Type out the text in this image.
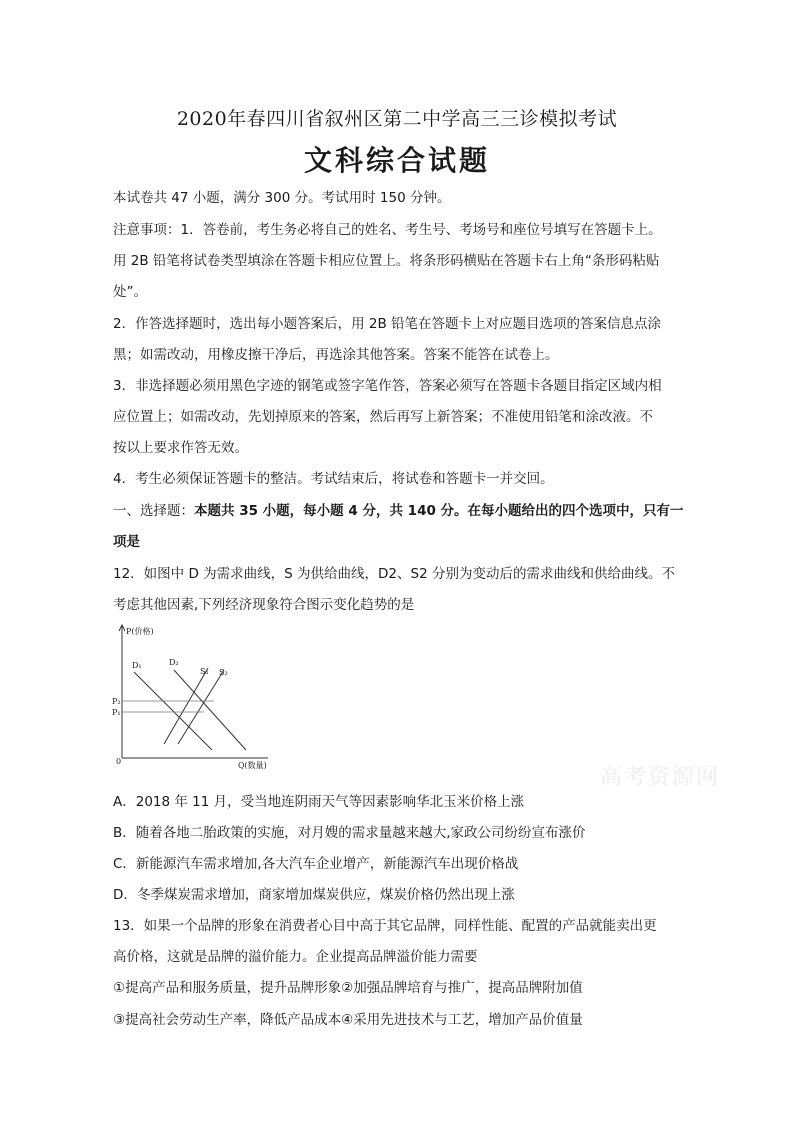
2020年春四川省叙州区第二中学高三三诊模拟考试
文科综合试题
本试卷共 47 小题，满分 300 分。考试用时 150 分钟。
注意事项：1．答卷前，考生务必将自己的姓名、考生号、考场号和座位号填写在答题卡上。
用 2B 铅笔将试卷类型填涂在答题卡相应位置上。将条形码横贴在答题卡右上角“条形码粘贴
处”。
2．作答选择题时，选出每小题答案后，用 2B 铅笔在答题卡上对应题目选项的答案信息点涂
黑；如需改动，用橡皮擦干净后，再选涂其他答案。答案不能答在试卷上。
3．非选择题必须用黑色字迹的钢笔或签字笔作答，答案必须写在答题卡各题目指定区域内相
应位置上；如需改动，先划掉原来的答案，然后再写上新答案；不准使用铅笔和涂改液。不
按以上要求作答无效。
4．考生必须保证答题卡的整洁。考试结束后，将试卷和答题卡一并交回。
一、选择题：本题共 35 小题，每小题 4 分，共 140 分。在每小题给出的四个选项中，只有一
项是
12．如图中 D 为需求曲线，S 为供给曲线，D2、S2 分别为变动后的需求曲线和供给曲线。不
考虑其他因素,下列经济现象符合图示变化趋势的是
P(价格)
Q(数量)
0
D₁	D₂
S₁ S₂
P₂
P₁
高考资源网
A．2018 年 11 月，受当地连阴雨天气等因素影响华北玉米价格上涨
B．随着各地二胎政策的实施，对月嫂的需求量越来越大,家政公司纷纷宣布涨价
C．新能源汽车需求增加,各大汽车企业增产，新能源汽车出现价格战
D．冬季煤炭需求增加，商家增加煤炭供应，煤炭价格仍然出现上涨
13．如果一个品牌的形象在消费者心目中高于其它品牌，同样性能、配置的产品就能卖出更
高价格，这就是品牌的溢价能力。企业提高品牌溢价能力需要
①提高产品和服务质量，提升品牌形象②加强品牌培育与推广，提高品牌附加值
③提高社会劳动生产率，降低产品成本④采用先进技术与工艺，增加产品价值量
